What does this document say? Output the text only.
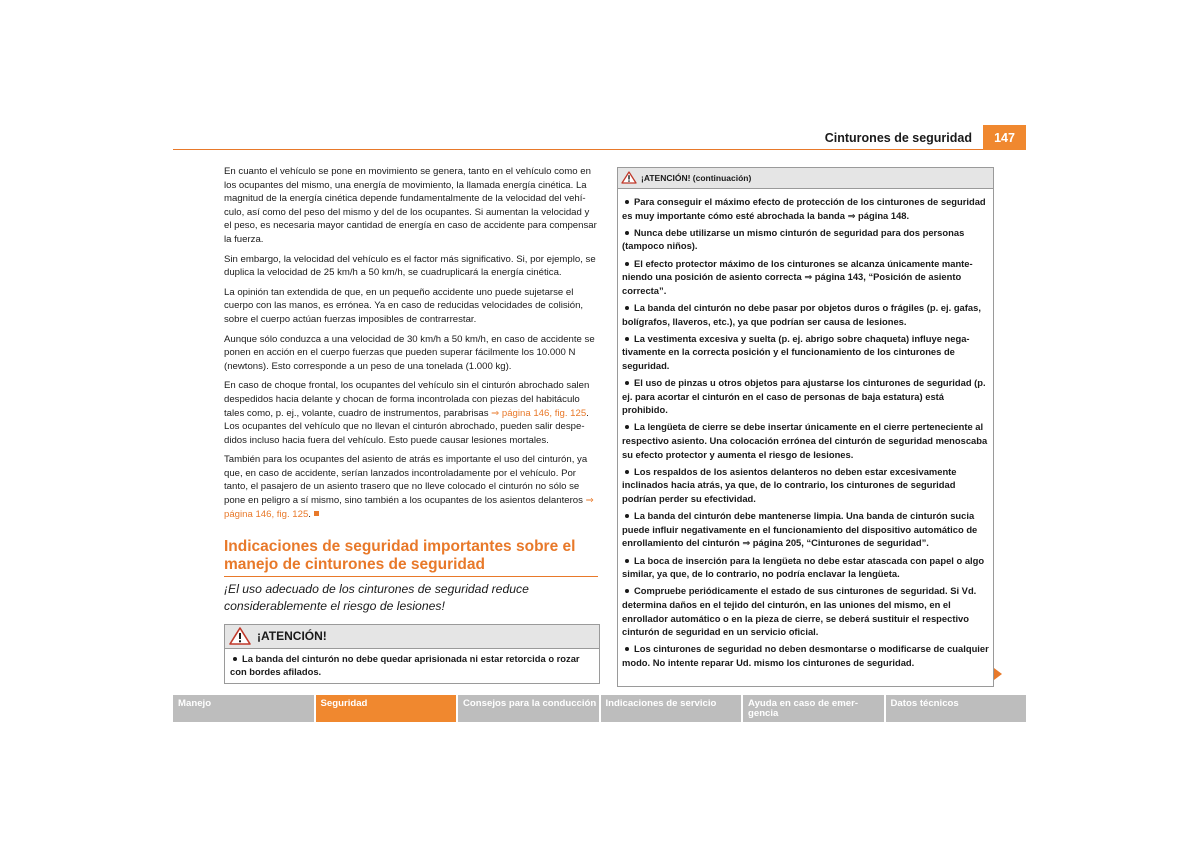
Cinturones de seguridad	147

En cuanto el vehículo se pone en movimiento se genera, tanto en el vehículo como en los ocupantes del mismo, una energía de movimiento, la llamada energía cinética. La magnitud de la energía cinética depende fundamentalmente de la velocidad del vehículo, así como del peso del mismo y del de los ocupantes. Si aumentan la velocidad y el peso, es necesaria mayor cantidad de energía en caso de accidente para compensar la fuerza.

Sin embargo, la velocidad del vehículo es el factor más significativo. Si, por ejemplo, se duplica la velocidad de 25 km/h a 50 km/h, se cuadruplicará la energía cinética.

La opinión tan extendida de que, en un pequeño accidente uno puede sujetarse el cuerpo con las manos, es errónea. Ya en caso de reducidas velocidades de colisión, sobre el cuerpo actúan fuerzas imposibles de contrarrestar.

Aunque sólo conduzca a una velocidad de 30 km/h a 50 km/h, en caso de accidente se ponen en acción en el cuerpo fuerzas que pueden superar fácilmente los 10.000 N (newtons). Esto corresponde a un peso de una tonelada (1.000 kg).

En caso de choque frontal, los ocupantes del vehículo sin el cinturón abrochado salen despedidos hacia delante y chocan de forma incontrolada con piezas del habitáculo tales como, p. ej., volante, cuadro de instrumentos, parabrisas ⇒ página 146, fig. 125. Los ocupantes del vehículo que no llevan el cinturón abrochado, pueden salir despedidos incluso hacia fuera del vehículo. Esto puede causar lesiones mortales.

También para los ocupantes del asiento de atrás es importante el uso del cinturón, ya que, en caso de accidente, serían lanzados incontroladamente por el vehículo. Por tanto, el pasajero de un asiento trasero que no lleve colocado el cinturón no sólo se pone en peligro a sí mismo, sino también a los ocupantes de los asientos delanteros ⇒ página 146, fig. 125.

Indicaciones de seguridad importantes sobre el manejo de cinturones de seguridad
¡El uso adecuado de los cinturones de seguridad reduce considerablemente el riesgo de lesiones!
¡ATENCIÓN!
La banda del cinturón no debe quedar aprisionada ni estar retorcida o rozar con bordes afilados.
¡ATENCIÓN! (continuación)

Para conseguir el máximo efecto de protección de los cinturones de seguridad es muy importante cómo esté abrochada la banda ⇒ página 148.

Nunca debe utilizarse un mismo cinturón de seguridad para dos personas (tampoco niños).

El efecto protector máximo de los cinturones se alcanza únicamente manteniendo una posición de asiento correcta ⇒ página 143, “Posición de asiento correcta”.

La banda del cinturón no debe pasar por objetos duros o frágiles (p. ej. gafas, bolígrafos, llaveros, etc.), ya que podrían ser causa de lesiones.

La vestimenta excesiva y suelta (p. ej. abrigo sobre chaqueta) influye negativamente en la correcta posición y el funcionamiento de los cinturones de seguridad.

El uso de pinzas u otros objetos para ajustarse los cinturones de seguridad (p. ej. para acortar el cinturón en el caso de personas de baja estatura) está prohibido.

La lengüeta de cierre se debe insertar únicamente en el cierre perteneciente al respectivo asiento. Una colocación errónea del cinturón de seguridad menoscaba su efecto protector y aumenta el riesgo de lesiones.

Los respaldos de los asientos delanteros no deben estar excesivamente inclinados hacia atrás, ya que, de lo contrario, los cinturones de seguridad podrían perder su efectividad.

La banda del cinturón debe mantenerse limpia. Una banda de cinturón sucia puede influir negativamente en el funcionamiento del dispositivo automático de enrollamiento del cinturón ⇒ página 205, “Cinturones de seguridad”.

La boca de inserción para la lengüeta no debe estar atascada con papel o algo similar, ya que, de lo contrario, no podría enclavar la lengüeta.

Compruebe periódicamente el estado de sus cinturones de seguridad. Si Vd. determina daños en el tejido del cinturón, en las uniones del mismo, en el enrollador automático o en la pieza de cierre, se deberá sustituir el respectivo cinturón de seguridad en un servicio oficial.

Los cinturones de seguridad no deben desmontarse o modificarse de cualquier modo. No intente reparar Ud. mismo los cinturones de seguridad.

Manejo	Seguridad	Consejos para la conducción Indicaciones de servicio	Ayuda en caso de emergencia
Datos técnicos
